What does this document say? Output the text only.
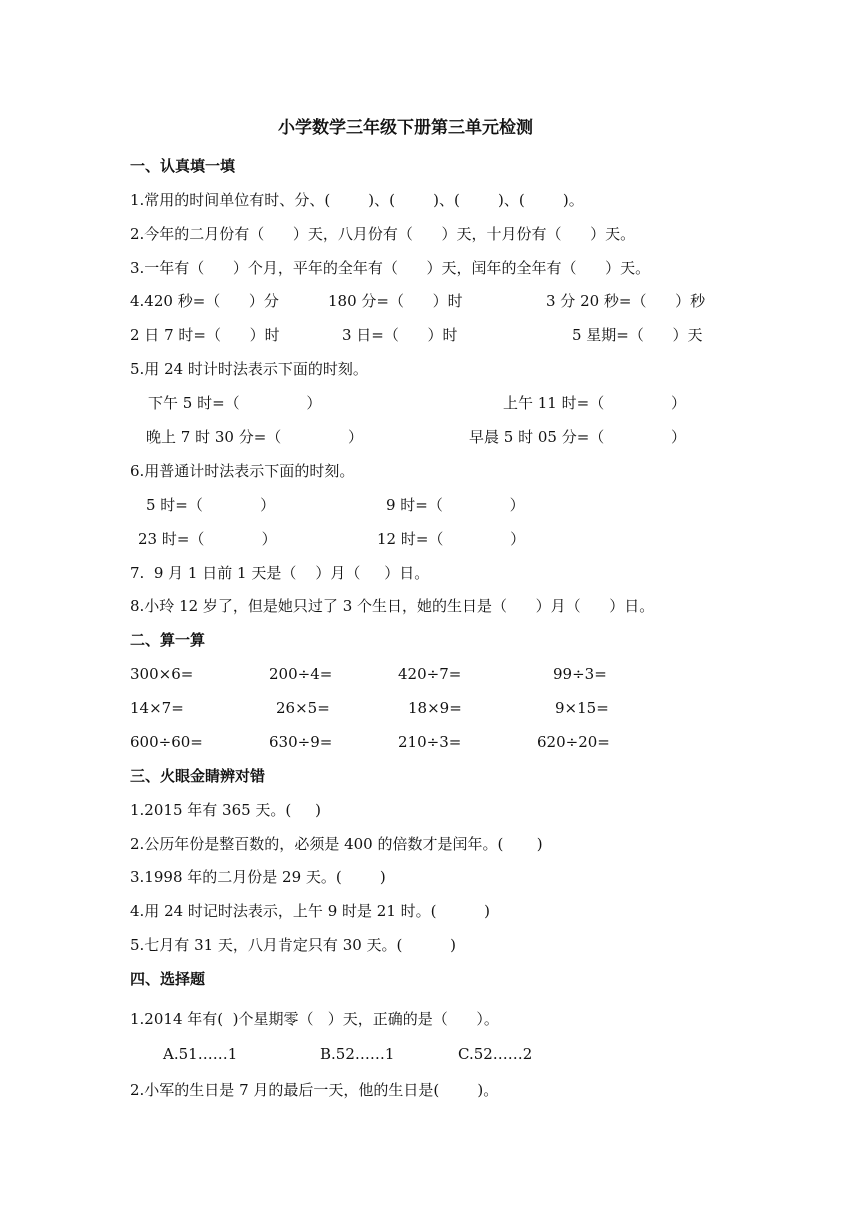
小学数学三年级下册第三单元检测
一、认真填一填
1.常用的时间单位有时、分、(        )、(        )、(        )、(        )。
2.今年的二月份有（      ）天，八月份有（      ）天，十月份有（      ）天。
3.一年有（      ）个月，平年的全年有（      ）天，闰年的全年有（      ）天。
4.420 秒=（      ）分	180 分=（      ）时	3 分 20 秒=（      ）秒
2 日 7 时=（      ）时	3 日=（      ）时	5 星期=（      ）天
5.用 24 时计时法表示下面的时刻。
下午 5 时=（              ）	上午 11 时=（              ）
晚上 7 时 30 分=（              ）	早晨 5 时 05 分=（              ）
6.用普通计时法表示下面的时刻。
5 时=（            ）	9 时=（              ）
23 时=（            ）	12 时=（              ）
7.  9 月 1 日前 1 天是（    ）月（     ）日。
8.小玲 12 岁了，但是她只过了 3 个生日，她的生日是（      ）月（      ）日。
二、算一算
300×6=	200÷4=	420÷7=	99÷3=
14×7=	26×5=	18×9=	9×15=
600÷60=	630÷9=	210÷3=	620÷20=
三、火眼金睛辨对错
1.2015 年有 365 天。(     )
2.公历年份是整百数的，必须是 400 的倍数才是闰年。(       )
3.1998 年的二月份是 29 天。(        )
4.用 24 时记时法表示，上午 9 时是 21 时。(          )
5.七月有 31 天，八月肯定只有 30 天。(          )
四、选择题
1.2014 年有(  )个星期零（   ）天，正确的是（      ）。
A.51……1	B.52……1	C.52……2
2.小军的生日是 7 月的最后一天，他的生日是(        )。
